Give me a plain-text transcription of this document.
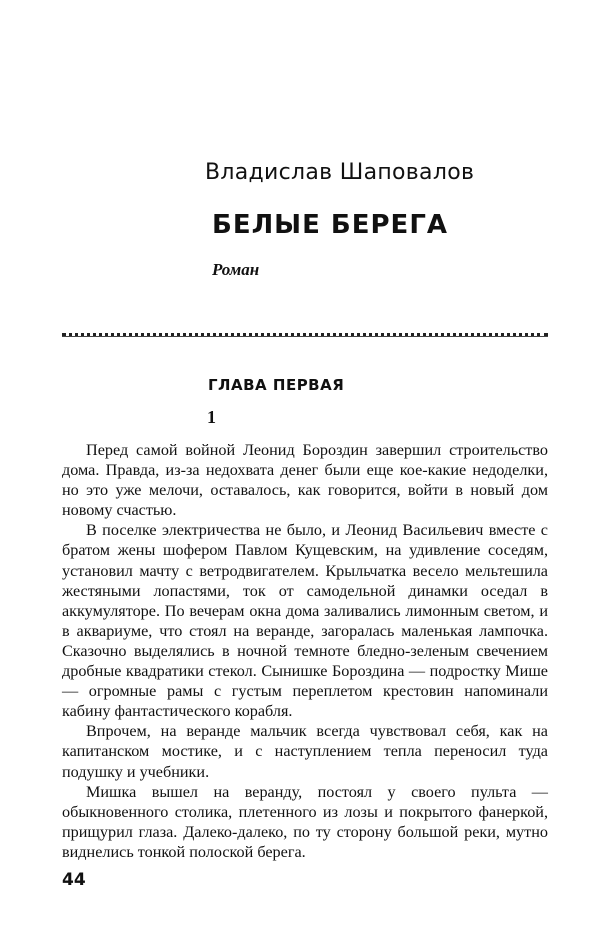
Владислав Шаповалов
БЕЛЫЕ БЕРЕГА
Роман
ГЛАВА ПЕРВАЯ
1

Перед самой войной Леонид Бороздин завершил строительство дома. Правда, из-за недохвата денег были еще кое-какие недоделки, но это уже мелочи, оставалось, как говорится, войти в новый дом новому счастью.

В поселке электричества не было, и Леонид Васильевич вместе с братом жены шофером Павлом Кущевским, на удивление соседям, установил мачту с ветродвигателем. Крыльчатка весело мельтешила жестяными лопастями, ток от самодельной динамки оседал в аккумуляторе. По вечерам окна дома заливались лимонным светом, и в аквариуме, что стоял на веранде, загоралась маленькая лампочка. Сказочно выделялись в ночной темноте бледно-зеленым свечением дробные квадратики стекол. Сынишке Бороздина — подростку Мише — огромные рамы с густым переплетом крестовин напоминали кабину фантастического корабля.

Впрочем, на веранде мальчик всегда чувствовал себя, как на капитанском мостике, и с наступлением тепла переносил туда подушку и учебники.

Мишка вышел на веранду, постоял у своего пульта — обыкновенного столика, плетенного из лозы и покрытого фанеркой, прищурил глаза. Далеко-далеко, по ту сторону большой реки, мутно виднелись тонкой полоской берега.

44
